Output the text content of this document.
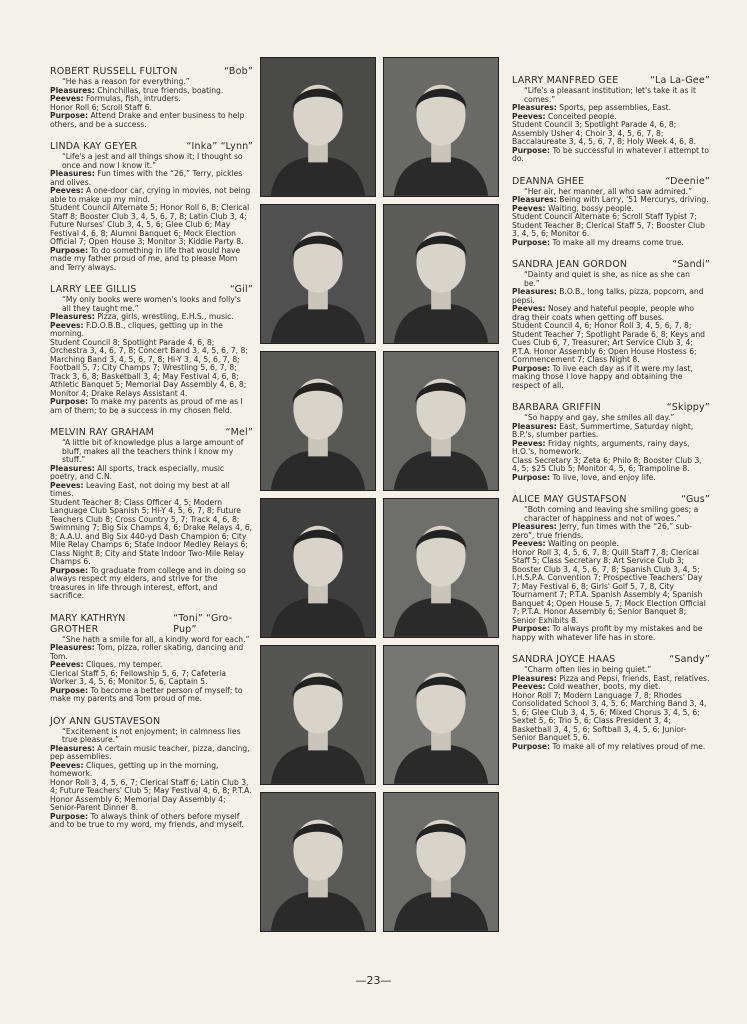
ROBERT RUSSELL FULTON	“Bob”
“He has a reason for everything.”

Pleasures: Chinchillas, true friends, boating.

Peeves: Formulas, fish, intruders.

Honor Roll 6; Scroll Staff 6.

Purpose: Attend Drake and enter business to help others, and be a success.

LINDA KAY GEYER	“Inka” “Lynn”
“Life's a jest and all things show it; I thought so once and now I know it.”

Pleasures: Fun times with the “26,” Terry, pickles and olives.

Peeves: A one-door car, crying in movies, not being able to make up my mind.

Student Council Alternate 5; Honor Roll 6, 8; Clerical Staff 8; Booster Club 3, 4, 5, 6, 7, 8; Latin Club 3, 4; Future Nurses' Club 3, 4, 5, 6; Glee Club 6; May Festival 4, 6, 8; Alumni Banquet 6; Mock Election Official 7; Open House 3; Monitor 3; Kiddie Party 8.

Purpose: To do something in life that would have made my father proud of me, and to please Mom and Terry always.

LARRY LEE GILLIS	“Gil”
“My only books were women's looks and folly's all they taught me.”

Pleasures: Pizza, girls, wrestling, E.H.S., music.

Peeves: F.D.O.B.B., cliques, getting up in the morning.

Student Council 8; Spotlight Parade 4, 6, 8; Orchestra 3, 4, 6, 7, 8; Concert Band 3, 4, 5, 6, 7, 8; Marching Band 3, 4, 5, 6, 7, 8; Hi-Y 3, 4, 5, 6, 7, 8; Football 5, 7; City Champs 7; Wrestling 5, 6, 7, 8; Track 3, 6, 8; Basketball 3, 4; May Festival 4, 6, 8; Athletic Banquet 5; Memorial Day Assembly 4, 6, 8; Monitor 4; Drake Relays Assistant 4.

Purpose: To make my parents as proud of me as I am of them; to be a success in my chosen field.

MELVIN RAY GRAHAM	“Mel”
“A little bit of knowledge plus a large amount of bluff, makes all the teachers think I know my stuff.”

Pleasures: All sports, track especially, music poetry, and C.N.

Peeves: Leaving East, not doing my best at all times.

Student Teacher 8; Class Officer 4, 5; Modern Language Club Spanish 5; Hi-Y 4, 5, 6, 7, 8; Future Teachers Club 8; Cross Country 5, 7; Track 4, 6, 8; Swimming 7; Big Six Champs 4, 6; Drake Relays 4, 6, 8; A.A.U. and Big Six 440-yd Dash Champion 6; City Mile Relay Champs 6; State Indoor Medley Relays 6; Class Night 8; City and State Indoor Two-Mile Relay Champs 6.

Purpose: To graduate from college and in doing so always respect my elders, and strive for the treasures in life through interest, effort, and sacrifice.

MARY KATHRYN GROTHER
“Toni” “Gro-Pup”
“She hath a smile for all, a kindly word for each.”

Pleasures: Tom, pizza, roller skating, dancing and Tom.

Peeves: Cliques, my temper.

Clerical Staff 5, 6; Fellowship 5, 6, 7; Cafeteria Worker 3, 4, 5, 6; Monitor 5, 6, Captain 5.

Purpose: To become a better person of myself; to make my parents and Tom proud of me.

JOY ANN GUSTAVESON
“Excitement is not enjoyment; in calmness lies true pleasure.”

Pleasures: A certain music teacher, pizza, dancing, pep assemblies.

Peeves: Cliques, getting up in the morning, homework.

Honor Roll 3, 4, 5, 6, 7; Clerical Staff 6; Latin Club 3, 4; Future Teachers' Club 5; May Festival 4, 6, 8; P.T.A. Honor Assembly 6; Memorial Day Assembly 4; Senior-Parent Dinner 8.

Purpose: To always think of others before myself and to be true to my word, my friends, and myself.

LARRY MANFRED GEE	“La La-Gee”
“Life's a pleasant institution; let's take it as it comes.”

Pleasures: Sports, pep assemblies, East.

Peeves: Conceited people.

Student Council 3; Spotlight Parade 4, 6, 8; Assembly Usher 4; Choir 3, 4, 5, 6, 7, 8; Baccalaureate 3, 4, 5, 6, 7, 8; Holy Week 4, 6, 8.

Purpose: To be successful in whatever I attempt to do.

DEANNA GHEE	“Deenie”
“Her air, her manner, all who saw admired.”

Pleasures: Being with Larry, '51 Mercurys, driving.

Peeves: Waiting, bossy people.

Student Council Alternate 6; Scroll Staff Typist 7; Student Teacher 8; Clerical Staff 5, 7; Booster Club 3, 4, 5, 6; Monitor 6.

Purpose: To make all my dreams come true.

SANDRA JEAN GORDON	“Sandi”
“Dainty and quiet is she, as nice as she can be.”

Pleasures: B.O.B., long talks, pizza, popcorn, and pepsi.

Peeves: Nosey and hateful people, people who drag their coats when getting off buses.

Student Council 4, 6; Honor Roll 3, 4, 5, 6, 7, 8; Student Teacher 7; Spotlight Parade 6, 8; Keys and Cues Club 6, 7, Treasurer; Art Service Club 3, 4; P.T.A. Honor Assembly 6; Open House Hostess 6; Commencement 7; Class Night 8.

Purpose: To live each day as if it were my last, making those I love happy and obtaining the respect of all.

BARBARA GRIFFIN	“Skippy”
“So happy and gay, she smiles all day.”

Pleasures: East, Summertime, Saturday night, B.P.'s, slumber parties.

Peeves: Friday nights, arguments, rainy days, H.O.'s, homework.

Class Secretary 3; Zeta 6; Philo 8; Booster Club 3, 4, 5; $25 Club 5; Monitor 4, 5, 6; Trampoline 8.

Purpose: To live, love, and enjoy life.

ALICE MAY GUSTAFSON	“Gus”
“Both coming and leaving she smiling goes; a character of happiness and not of woes.”

Pleasures: Jerry, fun times with the “26,” sub-zero”, true friends.

Peeves: Waiting on people.

Honor Roll 3, 4, 5, 6, 7, 8; Quill Staff 7, 8; Clerical Staff 5; Class Secretary 8; Art Service Club 3; Booster Club 3, 4, 5, 6, 7, 8; Spanish Club 3, 4, 5; I.H.S.P.A. Convention 7; Prospective Teachers' Day 7; May Festival 6, 8; Girls' Golf 5, 7, 8, City Tournament 7; P.T.A. Spanish Assembly 4; Spanish Banquet 4; Open House 5, 7; Mock Election Official 7; P.T.A. Honor Assembly 6; Senior Banquet 8; Senior Exhibits 8.

Purpose: To always profit by my mistakes and be happy with whatever life has in store.

SANDRA JOYCE HAAS	“Sandy”
“Charm often lies in being quiet.”

Pleasures: Pizza and Pepsi, friends, East, relatives.

Peeves: Cold weather, boots, my diet.

Honor Roll 7; Modern Language 7, 8; Rhodes Consolidated School 3, 4, 5, 6; Marching Band 3, 4, 5, 6; Glee Club 3, 4, 5, 6; Mixed Chorus 3, 4, 5, 6; Sextet 5, 6; Trio 5, 6; Class President 3, 4; Basketball 3, 4, 5, 6; Softball 3, 4, 5, 6; Junior-Senior Banquet 5, 6.

Purpose: To make all of my relatives proud of me.

—23—
